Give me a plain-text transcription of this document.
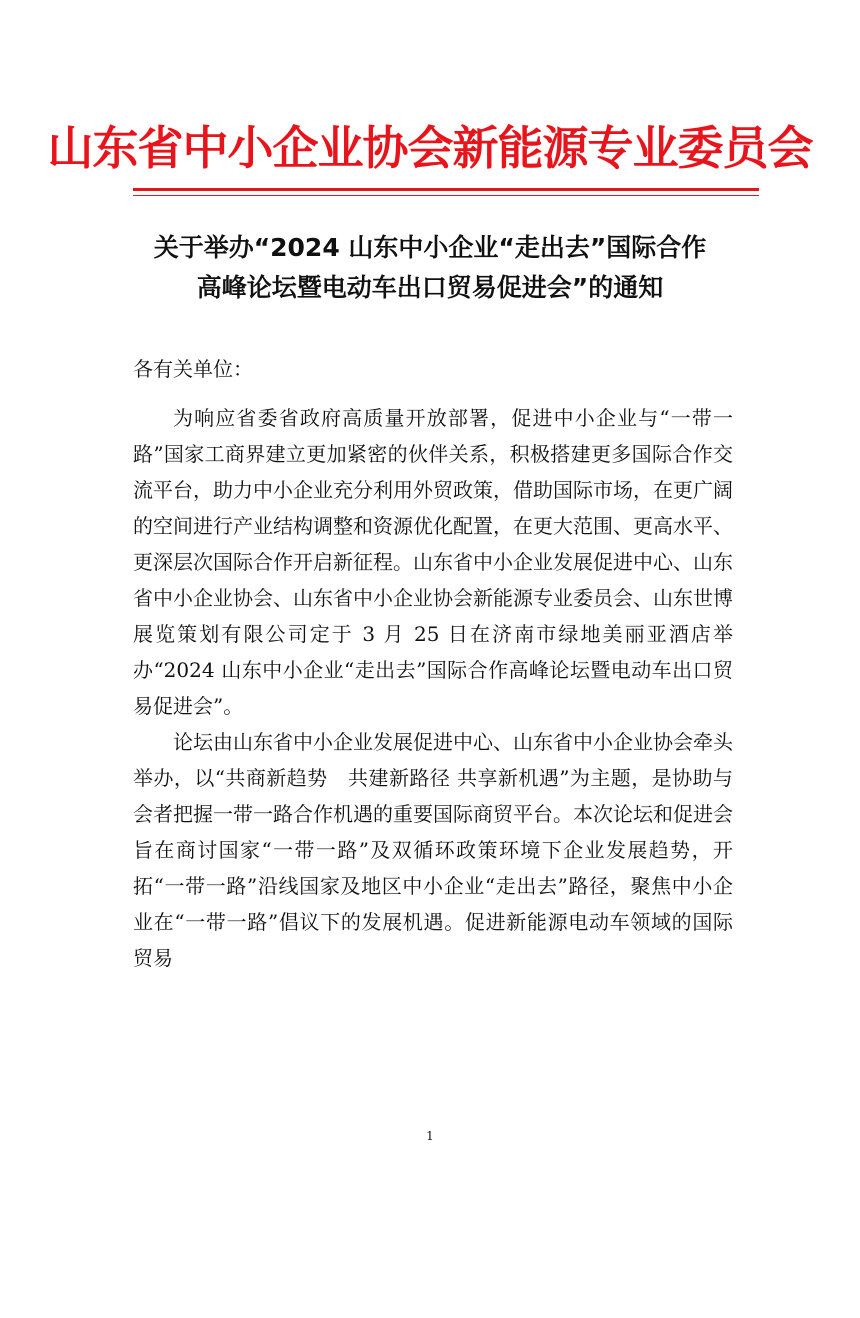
山东省中小企业协会新能源专业委员会
关于举办“2024 山东中小企业“走出去”国际合作
高峰论坛暨电动车出口贸易促进会”的通知
各有关单位：

为响应省委省政府高质量开放部署，促进中小企业与“一带一路”国家工商界建立更加紧密的伙伴关系，积极搭建更多国际合作交流平台，助力中小企业充分利用外贸政策，借助国际市场，在更广阔的空间进行产业结构调整和资源优化配置，在更大范围、更高水平、更深层次国际合作开启新征程。山东省中小企业发展促进中心、山东省中小企业协会、山东省中小企业协会新能源专业委员会、山东世博展览策划有限公司定于 3 月 25 日在济南市绿地美丽亚酒店举办“2024 山东中小企业“走出去”国际合作高峰论坛暨电动车出口贸易促进会”。

论坛由山东省中小企业发展促进中心、山东省中小企业协会牵头举办，以“共商新趋势　共建新路径 共享新机遇”为主题，是协助与会者把握一带一路合作机遇的重要国际商贸平台。本次论坛和促进会旨在商讨国家“一带一路”及双循环政策环境下企业发展趋势，开拓“一带一路”沿线国家及地区中小企业“走出去”路径，聚焦中小企业在“一带一路”倡议下的发展机遇。促进新能源电动车领域的国际贸易

1
